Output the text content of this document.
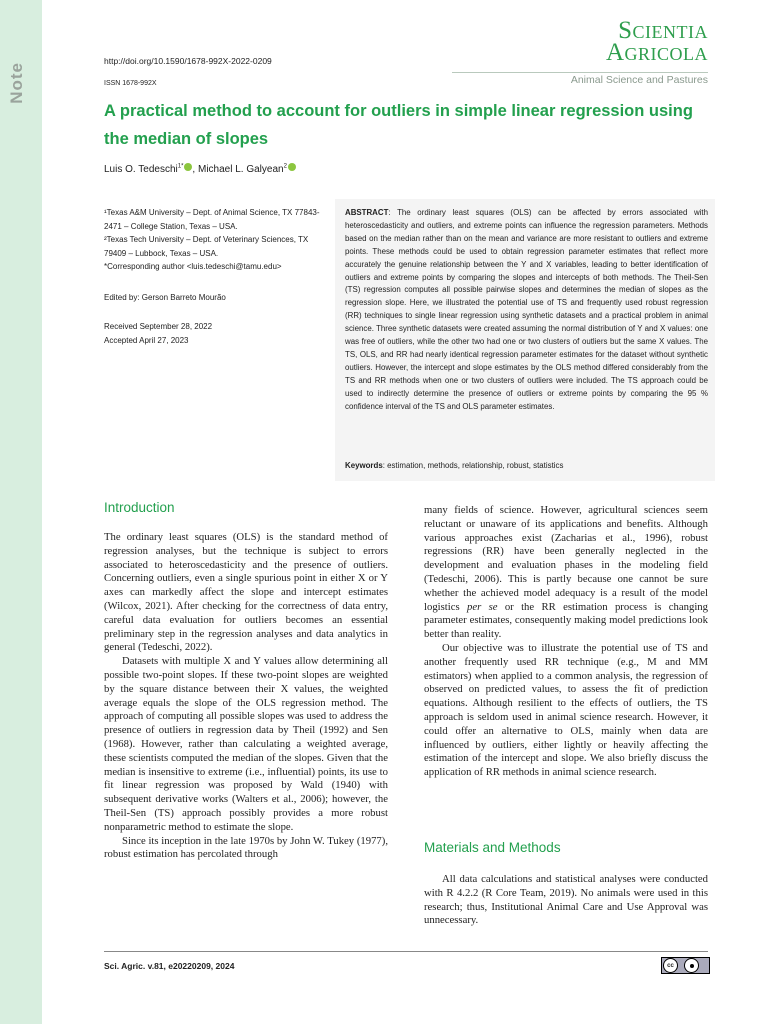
Note
http://doi.org/10.1590/1678-992X-2022-0209
ISSN 1678-992X
Scientia
Agricola
Animal Science and Pastures
A practical method to account for outliers in simple linear regression using the median of slopes
Luis O. Tedeschi$^{1*}$ , Michael L. Galyean$^2$
¹Texas A&M University – Dept. of Animal Science, TX 77843-2471 – College Station, Texas – USA.
²Texas Tech University – Dept. of Veterinary Sciences, TX 79409 – Lubbock, Texas – USA.
*Corresponding author <luis.tedeschi@tamu.edu>
Edited by: Gerson Barreto Mourão
Received September 28, 2022
Accepted April 27, 2023
ABSTRACT: The ordinary least squares (OLS) can be affected by errors associated with heteroscedasticity and outliers, and extreme points can influence the regression parameters. Methods based on the median rather than on the mean and variance are more resistant to outliers and extreme points. These methods could be used to obtain regression parameter estimates that reflect more accurately the genuine relationship between the Y and X variables, leading to better identification of outliers and extreme points by comparing the slopes and intercepts of both methods. The Theil-Sen (TS) regression computes all possible pairwise slopes and determines the median of slopes as the regression slope. Here, we illustrated the potential use of TS and frequently used robust regression (RR) techniques to single linear regression using synthetic datasets and a practical problem in animal science. Three synthetic datasets were created assuming the normal distribution of Y and X values: one was free of outliers, while the other two had one or two clusters of outliers but the same X values. The TS, OLS, and RR had nearly identical regression parameter estimates for the dataset without synthetic outliers. However, the intercept and slope estimates by the OLS method differed considerably from the TS and RR methods when one or two clusters of outliers were included. The TS approach could be used to indirectly determine the presence of outliers or extreme points by comparing the 95 % confidence interval of the TS and OLS parameter estimates.
Keywords: estimation, methods, relationship, robust, statistics
Introduction

The ordinary least squares (OLS) is the standard method of regression analyses, but the technique is subject to errors associated to heteroscedasticity and the presence of outliers. Concerning outliers, even a single spurious point in either X or Y axes can markedly affect the slope and intercept estimates (Wilcox, 2021). After checking for the correctness of data entry, careful data evaluation for outliers becomes an essential preliminary step in the regression analyses and data analytics in general (Tedeschi, 2022).

Datasets with multiple X and Y values allow determining all possible two-point slopes. If these two-point slopes are weighted by the square distance between their X values, the weighted average equals the slope of the OLS regression method. The approach of computing all possible slopes was used to address the presence of outliers in regression data by Theil (1992) and Sen (1968). However, rather than calculating a weighted average, these scientists computed the median of the slopes. Given that the median is insensitive to extreme (i.e., influential) points, its use to fit linear regression was proposed by Wald (1940) with subsequent derivative works (Walters et al., 2006); however, the Theil-Sen (TS) approach possibly provides a more robust nonparametric method to estimate the slope.

Since its inception in the late 1970s by John W. Tukey (1977), robust estimation has percolated through

many fields of science. However, agricultural sciences seem reluctant or unaware of its applications and benefits. Although various approaches exist (Zacharias et al., 1996), robust regressions (RR) have been generally neglected in the development and evaluation phases in the modeling field (Tedeschi, 2006). This is partly because one cannot be sure whether the achieved model adequacy is a result of the model logistics per se or the RR estimation process is changing parameter estimates, consequently making model predictions look better than reality.

Our objective was to illustrate the potential use of TS and another frequently used RR technique (e.g., M and MM estimators) when applied to a common analysis, the regression of observed on predicted values, to assess the fit of prediction equations. Although resilient to the effects of outliers, the TS approach is seldom used in animal science research. However, it could offer an alternative to OLS, mainly when data are influenced by outliers, either lightly or heavily affecting the estimation of the intercept and slope. We also briefly discuss the application of RR methods in animal science research.

Materials and Methods

All data calculations and statistical analyses were conducted with R 4.2.2 (R Core Team, 2019). No animals were used in this research; thus, Institutional Animal Care and Use Approval was unnecessary.

Sci. Agric. v.81, e20220209, 2024	cc
